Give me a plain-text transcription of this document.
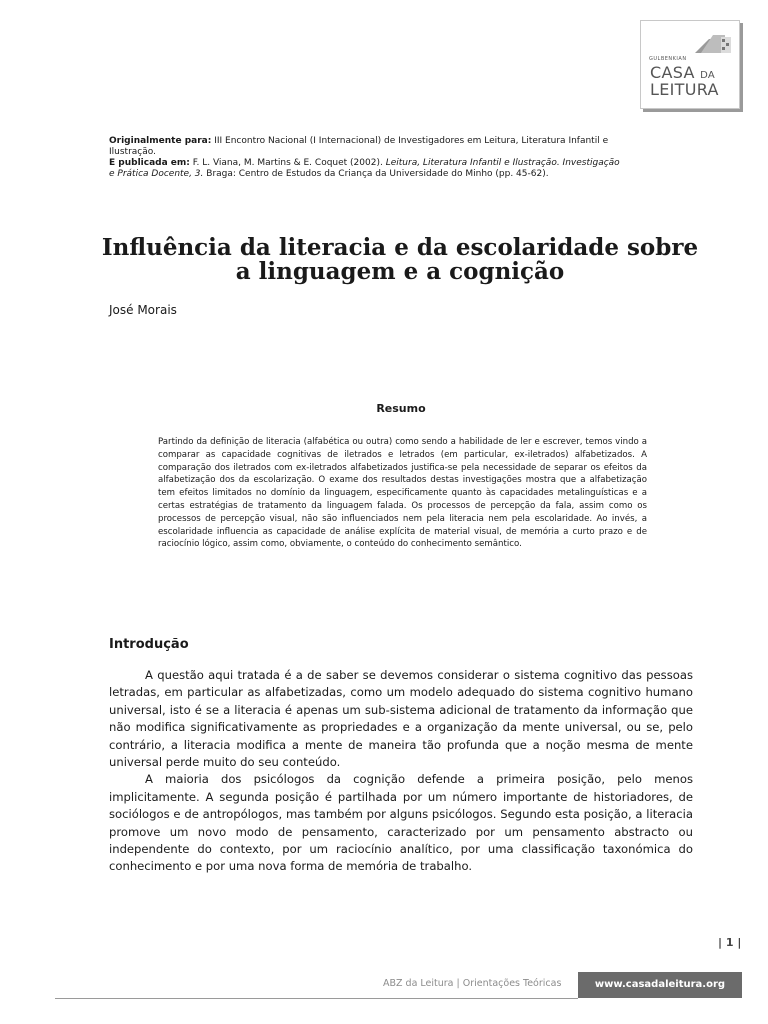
GULBENKIAN
CASA DA
LEITURA
Originalmente para: III Encontro Nacional (I Internacional) de Investigadores em Leitura, Literatura Infantil e Ilustração.
E publicada em: F. L. Viana, M. Martins & E. Coquet (2002). Leitura, Literatura Infantil e Ilustração. Investigação e Prática Docente, 3. Braga: Centro de Estudos da Criança da Universidade do Minho (pp. 45-62).
Influência da literacia e da escolaridade sobre
a linguagem e a cognição
José Morais
Resumo
Partindo da definição de literacia (alfabética ou outra) como sendo a habilidade de ler e escrever, temos vindo a comparar as capacidade cognitivas de iletrados e letrados (em particular, ex-iletrados) alfabetizados. A comparação dos iletrados com ex-iletrados alfabetizados justifica-se pela necessidade de separar os efeitos da alfabetização dos da escolarização. O exame dos resultados destas investigações mostra que a alfabetização tem efeitos limitados no domínio da linguagem, especificamente quanto às capacidades metalinguísticas e a certas estratégias de tratamento da linguagem falada. Os processos de percepção da fala, assim como os processos de percepção visual, não são influenciados nem pela literacia nem pela escolaridade. Ao invés, a escolaridade influencia as capacidade de análise explícita de material visual, de memória a curto prazo e de raciocínio lógico, assim como, obviamente, o conteúdo do conhecimento semântico.
Introdução

A questão aqui tratada é a de saber se devemos considerar o sistema cognitivo das pessoas letradas, em particular as alfabetizadas, como um modelo adequado do sistema cognitivo humano universal, isto é se a literacia é apenas um sub-sistema adicional de tratamento da informação que não modifica significativamente as propriedades e a organização da mente universal, ou se, pelo contrário, a literacia modifica a mente de maneira tão profunda que a noção mesma de mente universal perde muito do seu conteúdo.

A maioria dos psicólogos da cognição defende a primeira posição, pelo menos implicitamente. A segunda posição é partilhada por um número importante de historiadores, de sociólogos e de antropólogos, mas também por alguns psicólogos. Segundo esta posição, a literacia promove um novo modo de pensamento, caracterizado por um pensamento abstracto ou independente do contexto, por um raciocínio analítico, por uma classificação taxonómica do conhecimento e por uma nova forma de memória de trabalho.

| 1 |
ABZ da Leitura | Orientações Teóricas	www.casadaleitura.org
